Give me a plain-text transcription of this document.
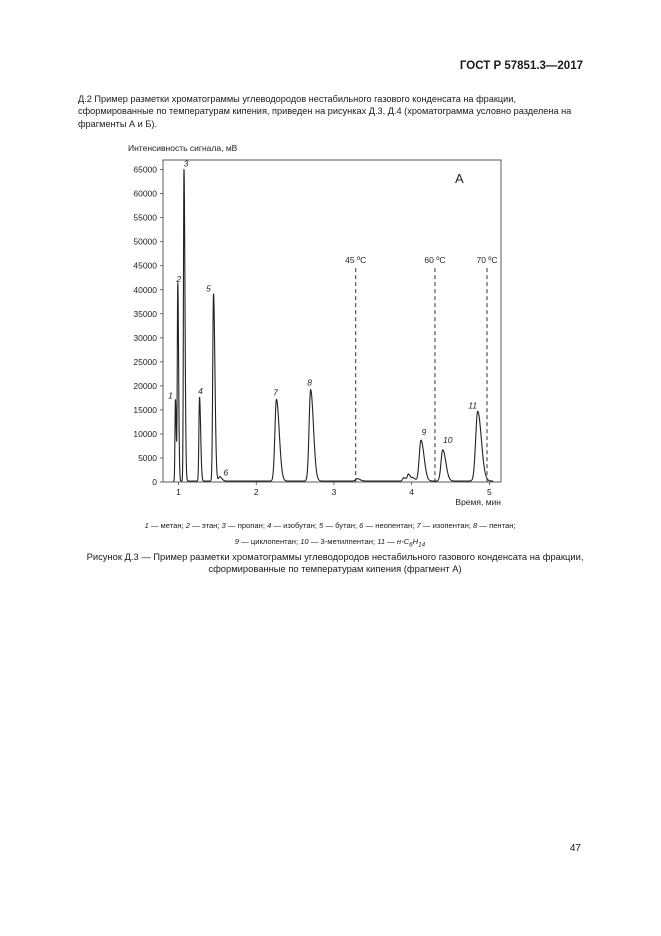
ГОСТ Р 57851.3—2017
Д.2 Пример разметки хроматограммы углеводородов нестабильного газового конденсата на фракции, сформированные по температурам кипения, приведен на рисунках Д.3, Д.4 (хроматограмма условно разделена на фрагменты А и Б).
Интенсивность сигнала, мВ
0
5000
10000
15000
20000
25000
30000
35000
40000
45000
50000
55000
60000
65000
1	2	3	4	5
Время, мин
А
45 ºС	60 ºС	70 ºС
1
2
3
4
5
6
7
8
9
10
11
1 — метан; 2 — этан; 3 — пропан; 4 — изобутан; 5 — бутан; 6 — неопентан; 7 — изопентан; 8 — пентан;
9 — циклопентан; 10 — 3-метилпентан; 11 — $н-С_6Н_{14}$
Рисунок Д.3 — Пример разметки хроматограммы углеводородов нестабильного газового конденсата на фракции, сформированные по температурам кипения (фрагмент А)
47
